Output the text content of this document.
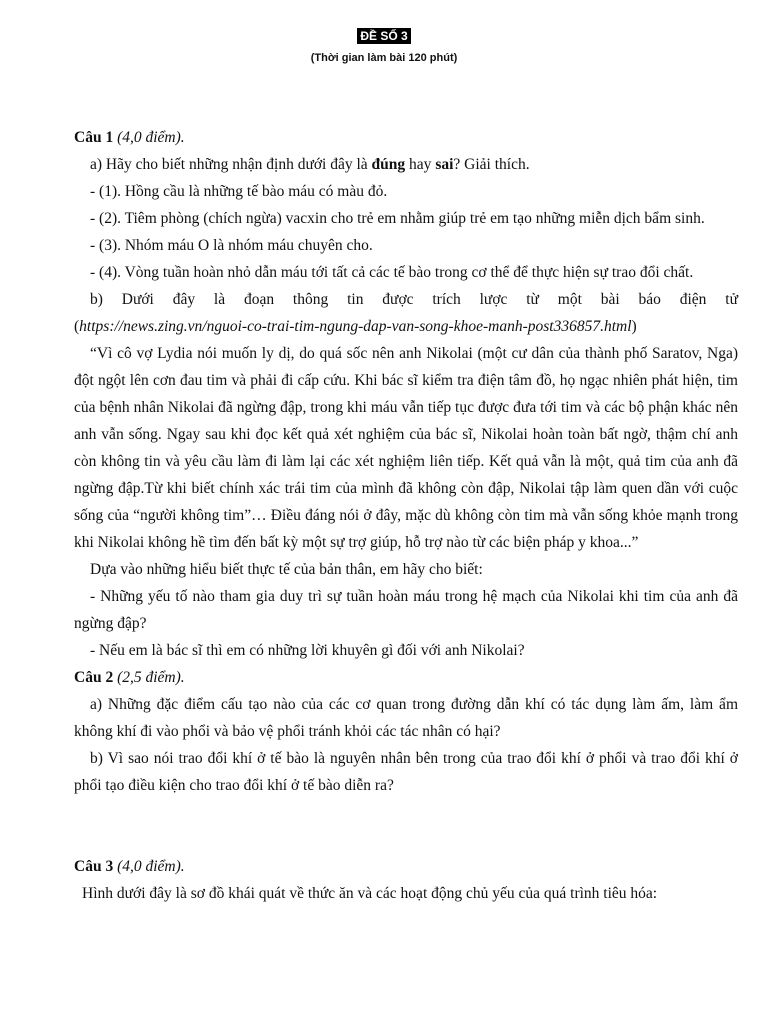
ĐỀ SỐ 3
(Thời gian làm bài 120 phút)

Câu 1 (4,0 điểm).

a) Hãy cho biết những nhận định dưới đây là đúng hay sai? Giải thích.

- (1). Hồng cầu là những tế bào máu có màu đỏ.

- (2). Tiêm phòng (chích ngừa) vacxin cho trẻ em nhằm giúp trẻ em tạo những miễn dịch bẩm sinh.

- (3). Nhóm máu O là nhóm máu chuyên cho.

- (4). Vòng tuần hoàn nhỏ dẫn máu tới tất cả các tế bào trong cơ thể để thực hiện sự trao đổi chất.

b) Dưới đây là đoạn thông tin được trích lược từ một bài báo điện tử

(https://news.zing.vn/nguoi-co-trai-tim-ngung-dap-van-song-khoe-manh-post336857.html)

“Vì cô vợ Lydia nói muốn ly dị, do quá sốc nên anh Nikolai (một cư dân của thành phố Saratov, Nga) đột ngột lên cơn đau tim và phải đi cấp cứu. Khi bác sĩ kiểm tra điện tâm đồ, họ ngạc nhiên phát hiện, tim của bệnh nhân Nikolai đã ngừng đập, trong khi máu vẫn tiếp tục được đưa tới tim và các bộ phận khác nên anh vẫn sống. Ngay sau khi đọc kết quả xét nghiệm của bác sĩ, Nikolai hoàn toàn bất ngờ, thậm chí anh còn không tin và yêu cầu làm đi làm lại các xét nghiệm liên tiếp. Kết quả vẫn là một, quả tim của anh đã ngừng đập.Từ khi biết chính xác trái tim của mình đã không còn đập, Nikolai tập làm quen dần với cuộc sống của “người không tim”… Điều đáng nói ở đây, mặc dù không còn tim mà vẫn sống khỏe mạnh trong khi Nikolai không hề tìm đến bất kỳ một sự trợ giúp, hỗ trợ nào từ các biện pháp y khoa...”

Dựa vào những hiểu biết thực tế của bản thân, em hãy cho biết:

- Những yếu tố nào tham gia duy trì sự tuần hoàn máu trong hệ mạch của Nikolai khi tim của anh đã ngừng đập?

- Nếu em là bác sĩ thì em có những lời khuyên gì đối với anh Nikolai?

Câu 2 (2,5 điểm).

a) Những đặc điểm cấu tạo nào của các cơ quan trong đường dẫn khí có tác dụng làm ấm, làm ẩm không khí đi vào phổi và bảo vệ phổi tránh khỏi các tác nhân có hại?

b) Vì sao nói trao đổi khí ở tế bào là nguyên nhân bên trong của trao đổi khí ở phổi và trao đổi khí ở phổi tạo điều kiện cho trao đổi khí ở tế bào diễn ra?

Câu 3 (4,0 điểm).

Hình dưới đây là sơ đồ khái quát về thức ăn và các hoạt động chủ yếu của quá trình tiêu hóa:
